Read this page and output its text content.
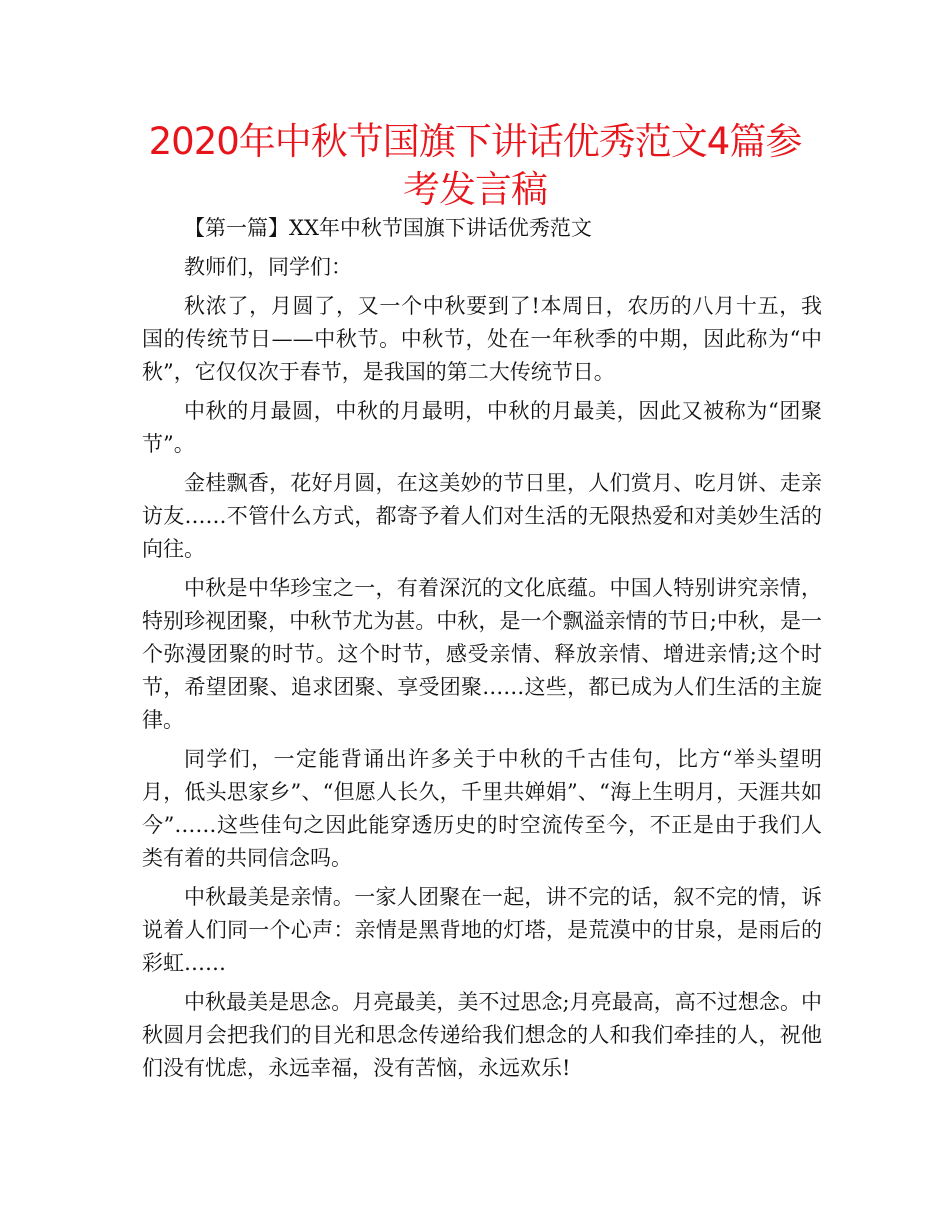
2020年中秋节国旗下讲话优秀范文4篇参
考发言稿

【第一篇】XX年中秋节国旗下讲话优秀范文

教师们，同学们：

秋浓了，月圆了，又一个中秋要到了!本周日，农历的八月十五，我国的传统节日——中秋节。中秋节，处在一年秋季的中期，因此称为“中秋”，它仅仅次于春节，是我国的第二大传统节日。

中秋的月最圆，中秋的月最明，中秋的月最美，因此又被称为“团聚节”。

金桂飘香，花好月圆，在这美妙的节日里，人们赏月、吃月饼、走亲访友……不管什么方式，都寄予着人们对生活的无限热爱和对美妙生活的向往。

中秋是中华珍宝之一，有着深沉的文化底蕴。中国人特别讲究亲情，特别珍视团聚，中秋节尤为甚。中秋，是一个飘溢亲情的节日;中秋，是一个弥漫团聚的时节。这个时节，感受亲情、释放亲情、增进亲情;这个时节，希望团聚、追求团聚、享受团聚……这些，都已成为人们生活的主旋律。

同学们，一定能背诵出许多关于中秋的千古佳句，比方“举头望明月，低头思家乡”、“但愿人长久，千里共婵娟”、“海上生明月，天涯共如今”……这些佳句之因此能穿透历史的时空流传至今，不正是由于我们人类有着的共同信念吗。

中秋最美是亲情。一家人团聚在一起，讲不完的话，叙不完的情，诉说着人们同一个心声：亲情是黑背地的灯塔，是荒漠中的甘泉，是雨后的彩虹……

中秋最美是思念。月亮最美，美不过思念;月亮最高，高不过想念。中秋圆月会把我们的目光和思念传递给我们想念的人和我们牵挂的人，祝他们没有忧虑，永远幸福，没有苦恼，永远欢乐!
